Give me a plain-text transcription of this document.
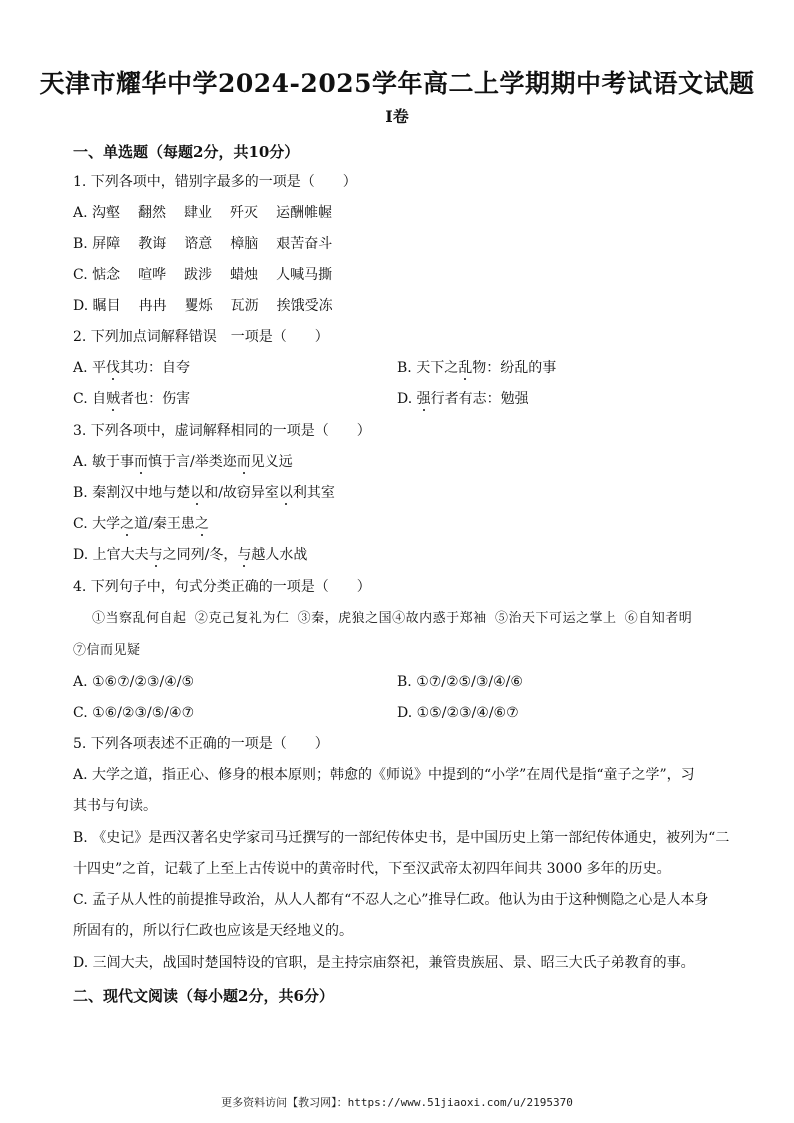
天津市耀华中学2024-2025学年高二上学期期中考试语文试题
I卷
一、单选题（每题2分，共10分）
1. 下列各项中，错别字最多的一项是（　　）
2. 下列加点词解释错误　一项是（　　）
3. 下列各项中，虚词解释相同的一项是（　　）
4. 下列句子中，句式分类正确的一项是（　　）
①当察乱何自起 ②克己复礼为仁 ③秦，虎狼之国④故内惑于郑袖 ⑤治天下可运之掌上 ⑥自知者明
⑦信而见疑
5. 下列各项表述不正确的一项是（　　）
二、现代文阅读（每小题2分，共6分）
更多资料访问【教习网】：https://www.51jiaoxi.com/u/2195370
A. 沟壑 翻然 肆业 歼灭 运酬帷幄
B. 屏障 教诲 谘意 樟脑 艰苦奋斗
C. 惦念 喧哗 跋涉 蜡烛 人喊马撕
D. 瞩目 冉冉 矍烁 瓦沥 挨饿受冻
A. 平伐其功：自夸	B. 天下之乱物：纷乱的事
C. 自贼者也：伤害	D. 强行者有志：勉强
A. 敏于事而慎于言/举类迩而见义远
B. 秦割汉中地与楚以和/故窃异室以利其室
C. 大学之道/秦王患之
D. 上官大夫与之同列/冬，与越人水战
A. ①⑥⑦/②③/④/⑤	B. ①⑦/②⑤/③/④/⑥
C. ①⑥/②③/⑤/④⑦	D. ①⑤/②③/④/⑥⑦
A. 大学之道，指正心、修身的根本原则；韩愈的《师说》中提到的“小学”在周代是指“童子之学”，习
其书与句读。
B. 《史记》是西汉著名史学家司马迁撰写的一部纪传体史书，是中国历史上第一部纪传体通史，被列为“二
十四史”之首，记载了上至上古传说中的黄帝时代，下至汉武帝太初四年间共 3000 多年的历史。
C. 孟子从人性的前提推导政治，从人人都有“不忍人之心”推导仁政。他认为由于这种恻隐之心是人本身
所固有的，所以行仁政也应该是天经地义的。
D. 三闾大夫，战国时楚国特设的官职，是主持宗庙祭祀，兼管贵族屈、景、昭三大氏子弟教育的事。
